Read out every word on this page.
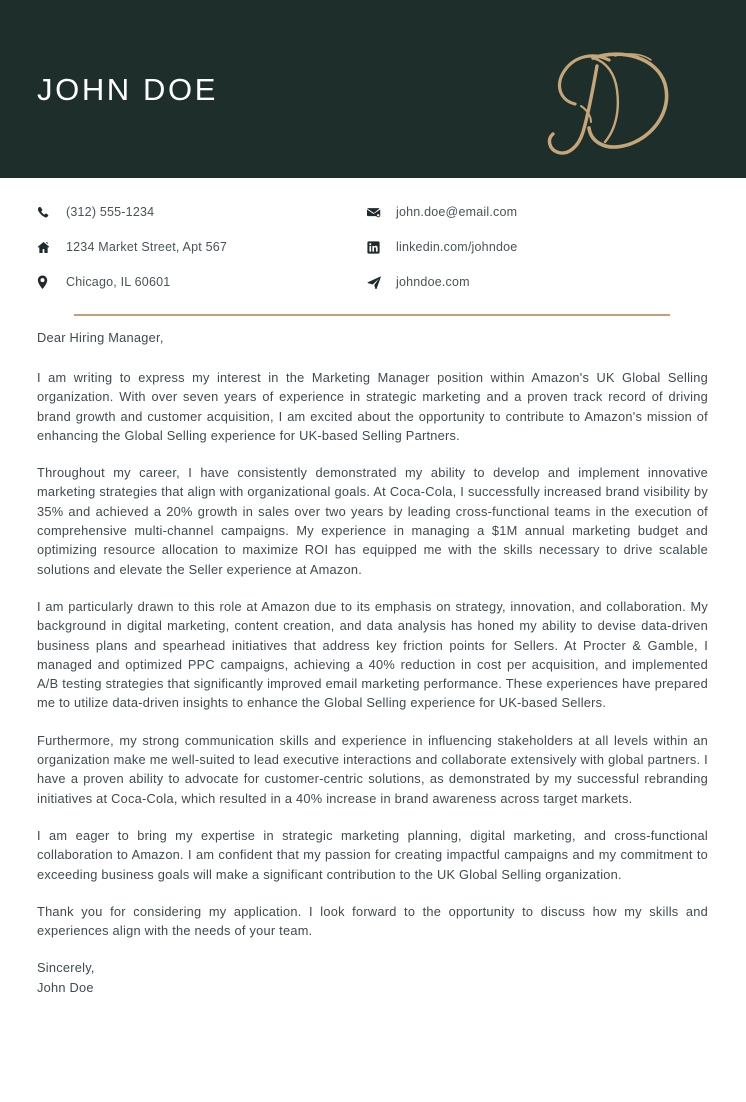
JOHN DOE
(312) 555-1234	john.doe@email.com
1234 Market Street, Apt 567	linkedin.com/johndoe
Chicago, IL 60601	johndoe.com

Dear Hiring Manager,

I am writing to express my interest in the Marketing Manager position within Amazon's UK Global Selling organization. With over seven years of experience in strategic marketing and a proven track record of driving brand growth and customer acquisition, I am excited about the opportunity to contribute to Amazon's mission of enhancing the Global Selling experience for UK-based Selling Partners.

Throughout my career, I have consistently demonstrated my ability to develop and implement innovative marketing strategies that align with organizational goals. At Coca-Cola, I successfully increased brand visibility by 35% and achieved a 20% growth in sales over two years by leading cross-functional teams in the execution of comprehensive multi-channel campaigns. My experience in managing a $1M annual marketing budget and optimizing resource allocation to maximize ROI has equipped me with the skills necessary to drive scalable solutions and elevate the Seller experience at Amazon.

I am particularly drawn to this role at Amazon due to its emphasis on strategy, innovation, and collaboration. My background in digital marketing, content creation, and data analysis has honed my ability to devise data-driven business plans and spearhead initiatives that address key friction points for Sellers. At Procter & Gamble, I managed and optimized PPC campaigns, achieving a 40% reduction in cost per acquisition, and implemented A/B testing strategies that significantly improved email marketing performance. These experiences have prepared me to utilize data-driven insights to enhance the Global Selling experience for UK-based Sellers.

Furthermore, my strong communication skills and experience in influencing stakeholders at all levels within an organization make me well-suited to lead executive interactions and collaborate extensively with global partners. I have a proven ability to advocate for customer-centric solutions, as demonstrated by my successful rebranding initiatives at Coca-Cola, which resulted in a 40% increase in brand awareness across target markets.

I am eager to bring my expertise in strategic marketing planning, digital marketing, and cross-functional collaboration to Amazon. I am confident that my passion for creating impactful campaigns and my commitment to exceeding business goals will make a significant contribution to the UK Global Selling organization.

Thank you for considering my application. I look forward to the opportunity to discuss how my skills and experiences align with the needs of your team.

Sincerely,

John Doe
